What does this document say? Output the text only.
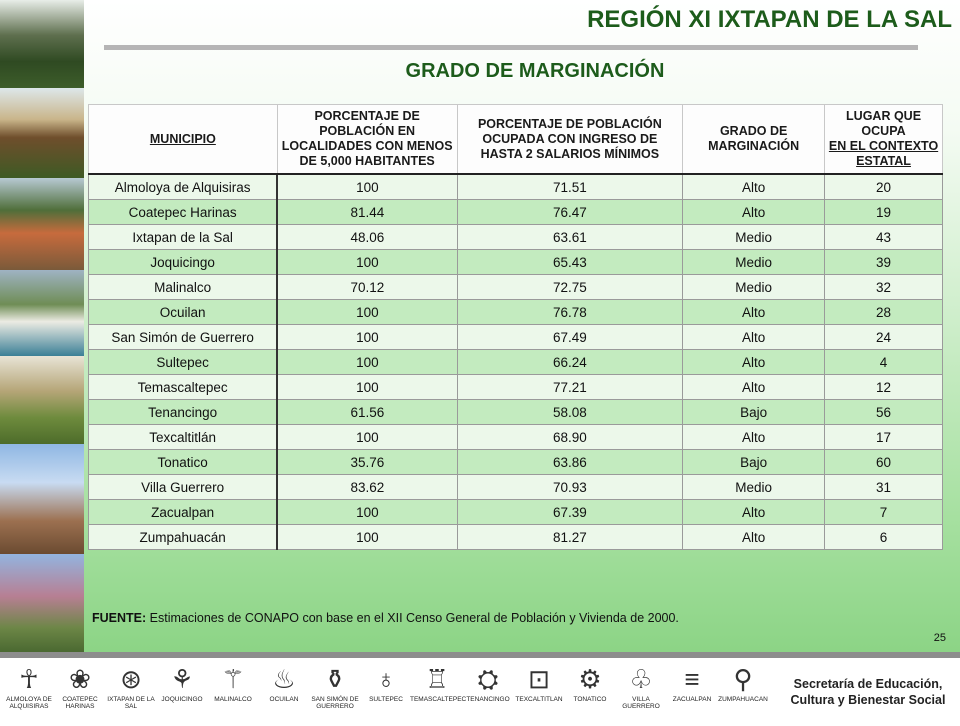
REGIÓN XI IXTAPAN DE LA SAL
GRADO DE MARGINACIÓN
MUNICIPIO	PORCENTAJE DE POBLACIÓN EN LOCALIDADES CON MENOS DE 5,000 HABITANTES	PORCENTAJE DE POBLACIÓN OCUPADA CON INGRESO DE HASTA 2 SALARIOS MÍNIMOS	GRADO DE MARGINACIÓN	LUGAR QUE OCUPA
EN EL CONTEXTO ESTATAL

Almoloya de Alquisiras	100	71.51	Alto	20
Coatepec Harinas	81.44	76.47	Alto	19
Ixtapan de la Sal	48.06	63.61	Medio	43
Joquicingo	100	65.43	Medio	39
Malinalco	70.12	72.75	Medio	32
Ocuilan	100	76.78	Alto	28
San Simón de Guerrero	100	67.49	Alto	24
Sultepec	100	66.24	Alto	4
Temascaltepec	100	77.21	Alto	12
Tenancingo	61.56	58.08	Bajo	56
Texcaltitlán	100	68.90	Alto	17
Tonatico	35.76	63.86	Bajo	60
Villa Guerrero	83.62	70.93	Medio	31
Zacualpan	100	67.39	Alto	7
Zumpahuacán	100	81.27	Alto	6
FUENTE: Estimaciones de CONAPO con base en el XII Censo General de Población y Vivienda de 2000.
25
☥
ALMOLOYA DE ALQUISIRAS
❀
COATEPEC HARINAS
⊛
IXTAPAN DE LA SAL
⚘
JOQUICINGO
⚚
MALINALCO
♨
OCUILAN
⚱
SAN SIMÓN DE GUERRERO
♁
SULTEPEC
♖
TEMASCALTEPEC
⛭
TENANCINGO
⊡
TEXCALTITLAN
⚙
TONATICO
♧
VILLA GUERRERO
≡
ZACUALPAN
⚲
ZUMPAHUACAN
Secretaría de Educación,
Cultura y Bienestar Social
